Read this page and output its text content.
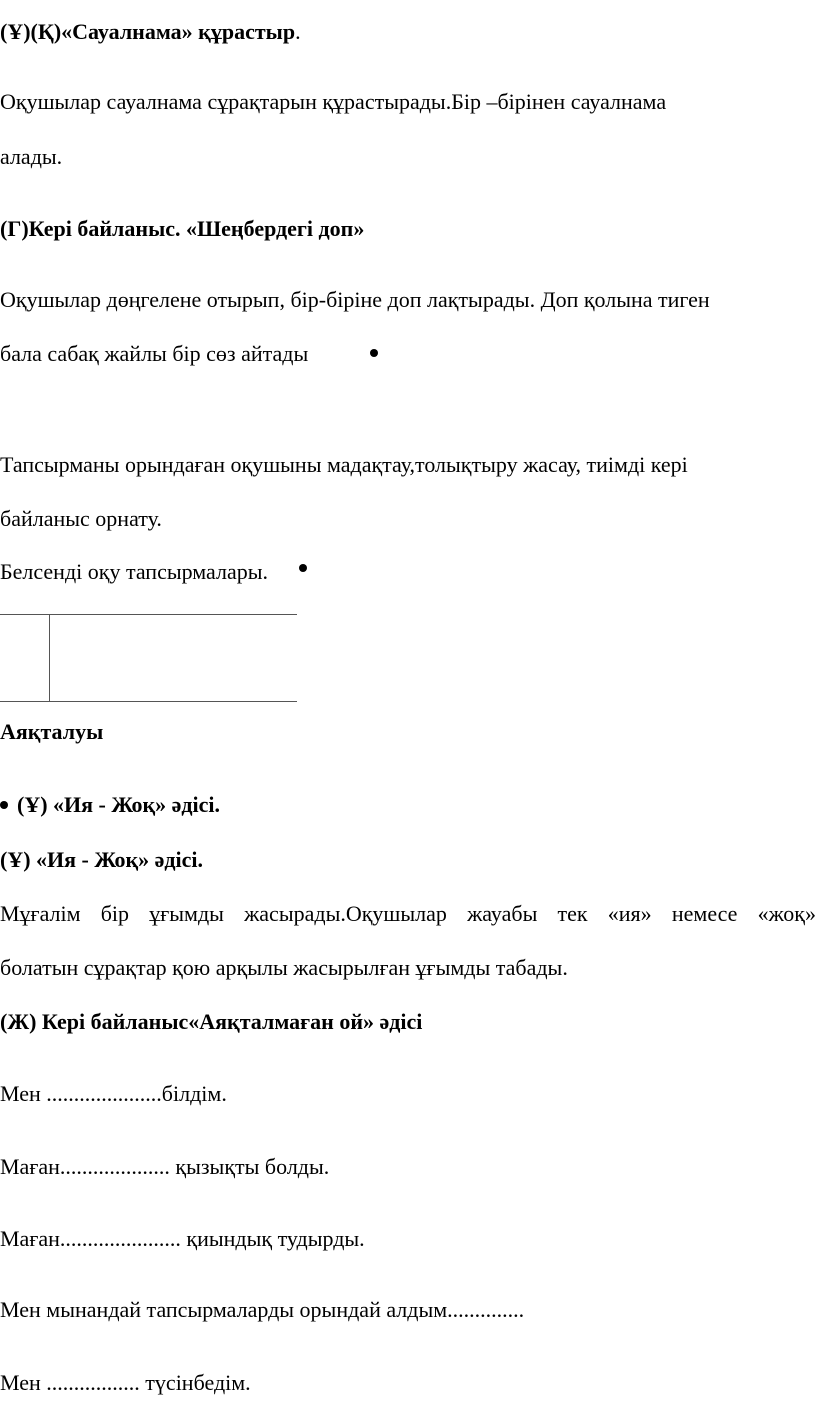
(Ұ)(Қ)«Сауалнама» құрастыр.
Оқушылар сауалнама сұрақтарын құрастырады.Бір –бірінен сауалнама
алады.
(Г)Кері байланыс. «Шеңбердегі доп»
Оқушылар дөңгелене отырып, бір-біріне доп лақтырады. Доп қолына тиген
бала сабақ жайлы бір сөз айтады
Тапсырманы орындаған оқушыны мадақтау,толықтыру жасау, тиімді кері
байланыс орнату.
Белсенді оқу тапсырмалары.
Аяқталуы
(Ұ) «Ия - Жоқ» әдісі.
(Ұ) «Ия - Жоқ» әдісі.
Мұғалім бір ұғымды жасырады.Оқушылар жауабы тек «ия» немесе «жоқ»
болатын сұрақтар қою арқылы жасырылған ұғымды табады.
(Ж) Кері байланыс«Аяқталмаған ой» әдісі
Мен .....................білдім.
Маған.................... қызықты болды.
Маған...................... қиындық тудырды.
Мен мынандай тапсырмаларды орындай алдым..............
Мен ................. түсінбедім.
